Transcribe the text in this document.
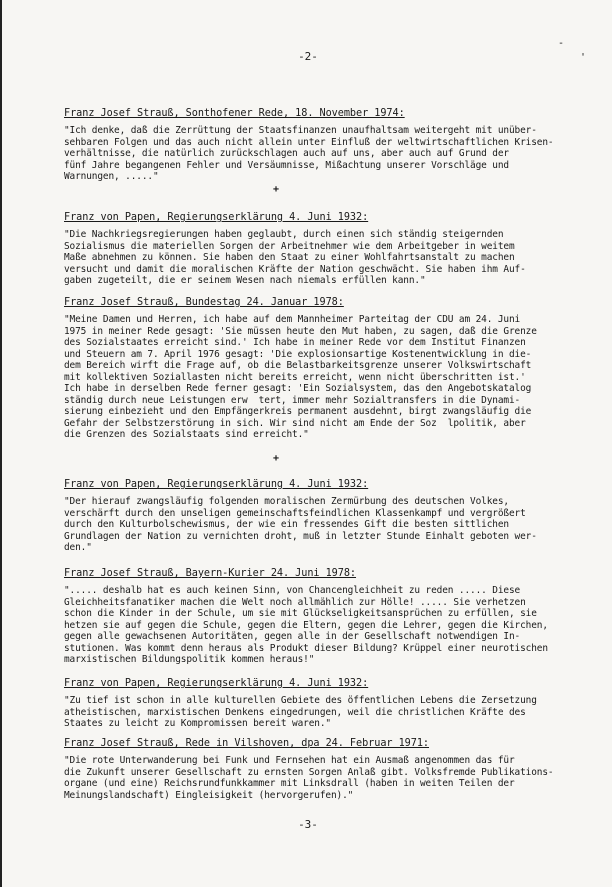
-
'
-2-
Franz Josef Strauß, Sonthofener Rede, 18. November 1974:
"Ich denke, daß die Zerrüttung der Staatsfinanzen unaufhaltsam weitergeht mit unüber-
sehbaren Folgen und das auch nicht allein unter Einfluß der weltwirtschaftlichen Krisen-
verhältnisse, die natürlich zurückschlagen auch auf uns, aber auch auf Grund der
fünf Jahre begangenen Fehler und Versäumnisse, Mißachtung unserer Vorschläge und
Warnungen, ....."
+
Franz von Papen, Regierungserklärung 4. Juni 1932:
"Die Nachkriegsregierungen haben geglaubt, durch einen sich ständig steigernden
Sozialismus die materiellen Sorgen der Arbeitnehmer wie dem Arbeitgeber in weitem
Maße abnehmen zu können. Sie haben den Staat zu einer Wohlfahrtsanstalt zu machen
versucht und damit die moralischen Kräfte der Nation geschwächt. Sie haben ihm Auf-
gaben zugeteilt, die er seinem Wesen nach niemals erfüllen kann."
Franz Josef Strauß, Bundestag 24. Januar 1978:
"Meine Damen und Herren, ich habe auf dem Mannheimer Parteitag der CDU am 24. Juni
1975 in meiner Rede gesagt: 'Sie müssen heute den Mut haben, zu sagen, daß die Grenze
des Sozialstaates erreicht sind.' Ich habe in meiner Rede vor dem Institut Finanzen
und Steuern am 7. April 1976 gesagt: 'Die explosionsartige Kostenentwicklung in die-
dem Bereich wirft die Frage auf, ob die Belastbarkeitsgrenze unserer Volkswirtschaft
mit kollektiven Soziallasten nicht bereits erreicht, wenn nicht überschritten ist.'
Ich habe in derselben Rede ferner gesagt: 'Ein Sozialsystem, das den Angebotskatalog
ständig durch neue Leistungen erw  tert, immer mehr Sozialtransfers in die Dynami-
sierung einbezieht und den Empfängerkreis permanent ausdehnt, birgt zwangsläufig die
Gefahr der Selbstzerstörung in sich. Wir sind nicht am Ende der Soz  lpolitik, aber
die Grenzen des Sozialstaats sind erreicht."
+
Franz von Papen, Regierungserklärung 4. Juni 1932:
"Der hierauf zwangsläufig folgenden moralischen Zermürbung des deutschen Volkes,
verschärft durch den unseligen gemeinschaftsfeindlichen Klassenkampf und vergrößert
durch den Kulturbolschewismus, der wie ein fressendes Gift die besten sittlichen
Grundlagen der Nation zu vernichten droht, muß in letzter Stunde Einhalt geboten wer-
den."
Franz Josef Strauß, Bayern-Kurier 24. Juni 1978:
"..... deshalb hat es auch keinen Sinn, von Chancengleichheit zu reden ..... Diese
Gleichheitsfanatiker machen die Welt noch allmählich zur Hölle! ..... Sie verhetzen
schon die Kinder in der Schule, um sie mit Glückseligkeitsansprüchen zu erfüllen, sie
hetzen sie auf gegen die Schule, gegen die Eltern, gegen die Lehrer, gegen die Kirchen,
gegen alle gewachsenen Autoritäten, gegen alle in der Gesellschaft notwendigen In-
stutionen. Was kommt denn heraus als Produkt dieser Bildung? Krüppel einer neurotischen
marxistischen Bildungspolitik kommen heraus!"
Franz von Papen, Regierungserklärung 4. Juni 1932:
"Zu tief ist schon in alle kulturellen Gebiete des öffentlichen Lebens die Zersetzung
atheistischen, marxistischen Denkens eingedrungen, weil die christlichen Kräfte des
Staates zu leicht zu Kompromissen bereit waren."
Franz Josef Strauß, Rede in Vilshoven, dpa 24. Februar 1971:
"Die rote Unterwanderung bei Funk und Fernsehen hat ein Ausmaß angenommen das für
die Zukunft unserer Gesellschaft zu ernsten Sorgen Anlaß gibt. Volksfremde Publikations-
organe (und eine) Reichsrundfunkkammer mit Linksdrall (haben in weiten Teilen der
Meinungslandschaft) Eingleisigkeit (hervorgerufen)."
-3-
